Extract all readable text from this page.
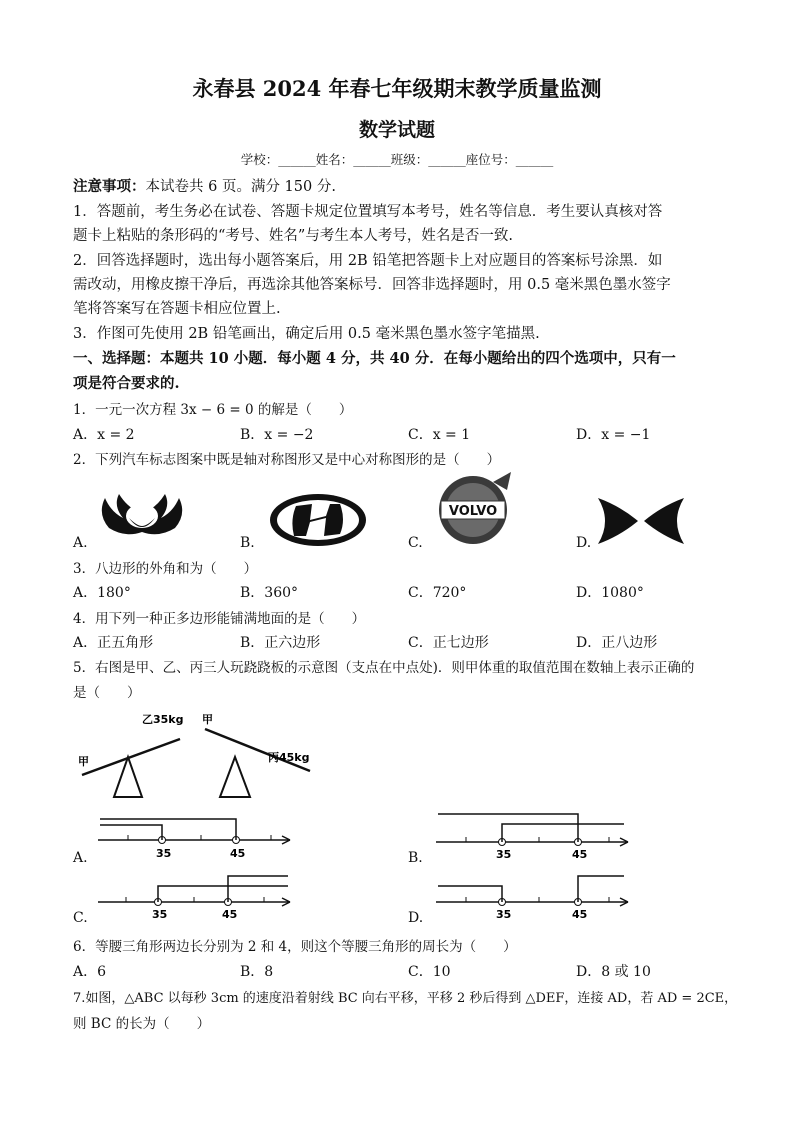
永春县 2024 年春七年级期末教学质量监测
数学试题
学校：______姓名：______班级：______座位号：______
注意事项：本试卷共 6 页。满分 150 分.
1．答题前，考生务必在试卷、答题卡规定位置填写本考号，姓名等信息．考生要认真核对答
题卡上粘贴的条形码的“考号、姓名”与考生本人考号，姓名是否一致.
2．回答选择题时，选出每小题答案后，用 2B 铅笔把答题卡上对应题目的答案标号涂黑．如
需改动，用橡皮擦干净后，再选涂其他答案标号．回答非选择题时，用 0.5 毫米黑色墨水签字
笔将答案写在答题卡相应位置上.
3．作图可先使用 2B 铅笔画出，确定后用 0.5 毫米黑色墨水签字笔描黑.
一、选择题：本题共 10 小题．每小题 4 分，共 40 分．在每小题给出的四个选项中，只有一
项是符合要求的.
1．一元一次方程 3x − 6 = 0 的解是（　　）
A．x = 2	B．x = −2	C．x = 1	D．x = −1
2．下列汽车标志图案中既是轴对称图形又是中心对称图形的是（　　）
VOLVO
A.	B.	C.	D.
3．八边形的外角和为（　　）
A．180°	B．360°	C．720°	D．1080°
4．用下列一种正多边形能铺满地面的是（　　）
A．正五角形	B．正六边形	C．正七边形	D．正八边形
5．右图是甲、乙、丙三人玩跷跷板的示意图（支点在中点处)．则甲体重的取值范围在数轴上表示正确的
是（　　）
甲
乙35kg 甲
丙45kg
35	45
A.	35	45
B.
35	45
C.	35	45
D.
6．等腰三角形两边长分别为 2 和 4，则这个等腰三角形的周长为（　　）
A．6	B．8	C．10	D．8 或 10
7.如图，△ABC 以每秒 3cm 的速度沿着射线 BC 向右平移，平移 2 秒后得到 △DEF，连接 AD，若 AD = 2CE，
则 BC 的长为（　　）
